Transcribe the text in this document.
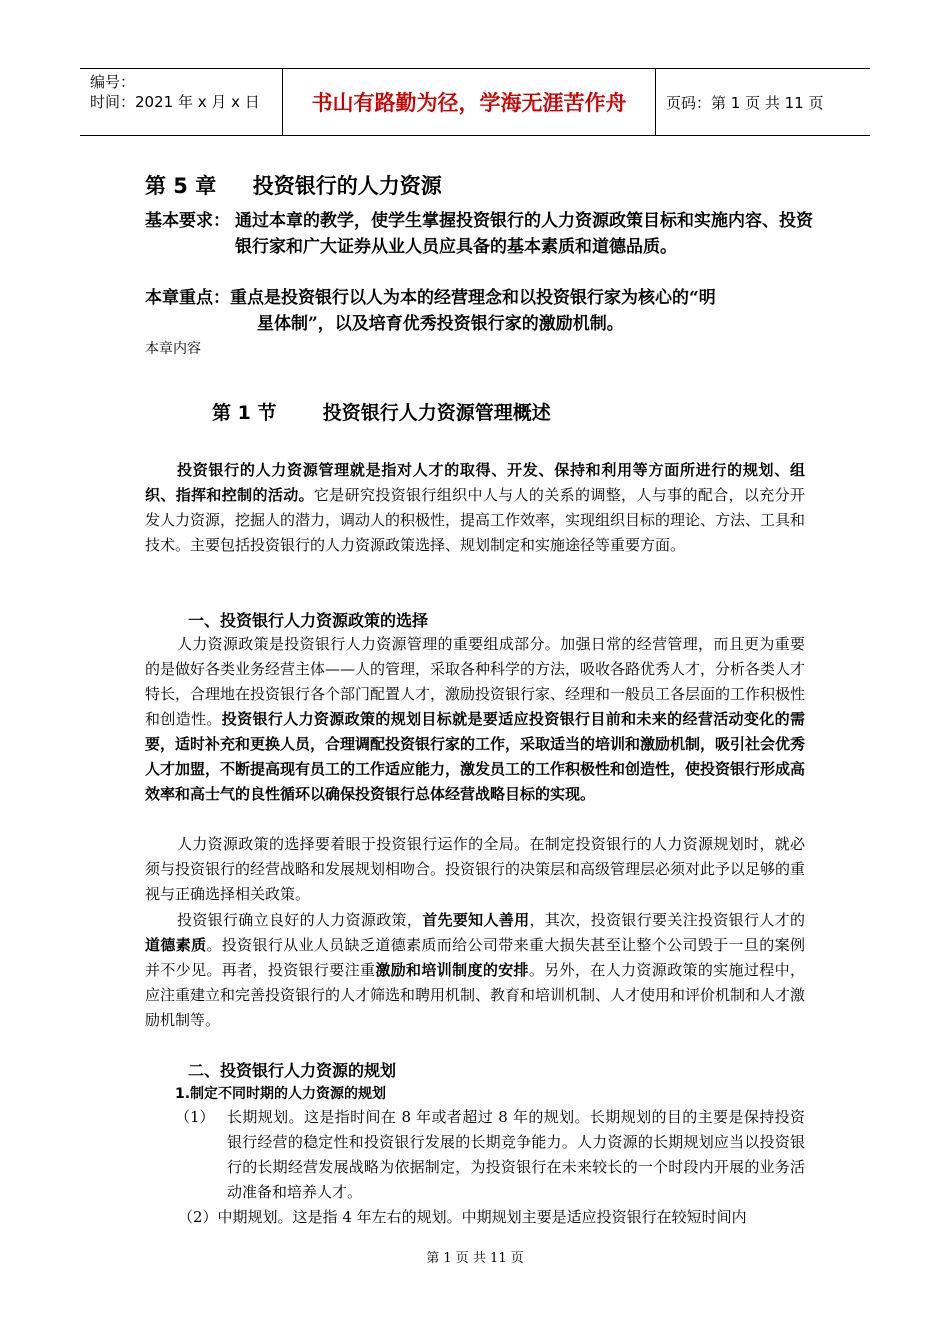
编号：
时间：2021 年 x 月 x 日	书山有路勤为径，学海无涯苦作舟	页码：第 1 页 共 11 页
第 5 章     投资银行的人力资源
基本要求： 通过本章的教学，使学生掌握投资银行的人力资源政策目标和实施内容、投资银行家和广大证券从业人员应具备的基本素质和道德品质。
本章重点：重点是投资银行以人为本的经营理念和以投资银行家为核心的“明
星体制”，以及培育优秀投资银行家的激励机制。
本章内容
第 1 节       投资银行人力资源管理概述
投资银行的人力资源管理就是指对人才的取得、开发、保持和利用等方面所进行的规划、组织、指挥和控制的活动。它是研究投资银行组织中人与人的关系的调整，人与事的配合，以充分开发人力资源，挖掘人的潜力，调动人的积极性，提高工作效率，实现组织目标的理论、方法、工具和技术。主要包括投资银行的人力资源政策选择、规划制定和实施途径等重要方面。
一、投资银行人力资源政策的选择
人力资源政策是投资银行人力资源管理的重要组成部分。加强日常的经营管理，而且更为重要的是做好各类业务经营主体——人的管理，采取各种科学的方法，吸收各路优秀人才，分析各类人才特长，合理地在投资银行各个部门配置人才，激励投资银行家、经理和一般员工各层面的工作积极性和创造性。投资银行人力资源政策的规划目标就是要适应投资银行目前和未来的经营活动变化的需要，适时补充和更换人员，合理调配投资银行家的工作，采取适当的培训和激励机制，吸引社会优秀人才加盟，不断提高现有员工的工作适应能力，激发员工的工作积极性和创造性，使投资银行形成高效率和高士气的良性循环以确保投资银行总体经营战略目标的实现。
人力资源政策的选择要着眼于投资银行运作的全局。在制定投资银行的人力资源规划时，就必须与投资银行的经营战略和发展规划相吻合。投资银行的决策层和高级管理层必须对此予以足够的重视与正确选择相关政策。
投资银行确立良好的人力资源政策，首先要知人善用，其次，投资银行要关注投资银行人才的道德素质。投资银行从业人员缺乏道德素质而给公司带来重大损失甚至让整个公司毁于一旦的案例并不少见。再者，投资银行要注重激励和培训制度的安排。另外，在人力资源政策的实施过程中，应注重建立和完善投资银行的人才筛选和聘用机制、教育和培训机制、人才使用和评价机制和人才激励机制等。
二、投资银行人力资源的规划
1.制定不同时期的人力资源的规划
（1） 长期规划。这是指时间在 8 年或者超过 8 年的规划。长期规划的目的主要是保持投资银行经营的稳定性和投资银行发展的长期竞争能力。人力资源的长期规划应当以投资银行的长期经营发展战略为依据制定，为投资银行在未来较长的一个时段内开展的业务活动准备和培养人才。
（2）中期规划。这是指 4 年左右的规划。中期规划主要是适应投资银行在较短时间内
第 1 页 共 11 页
